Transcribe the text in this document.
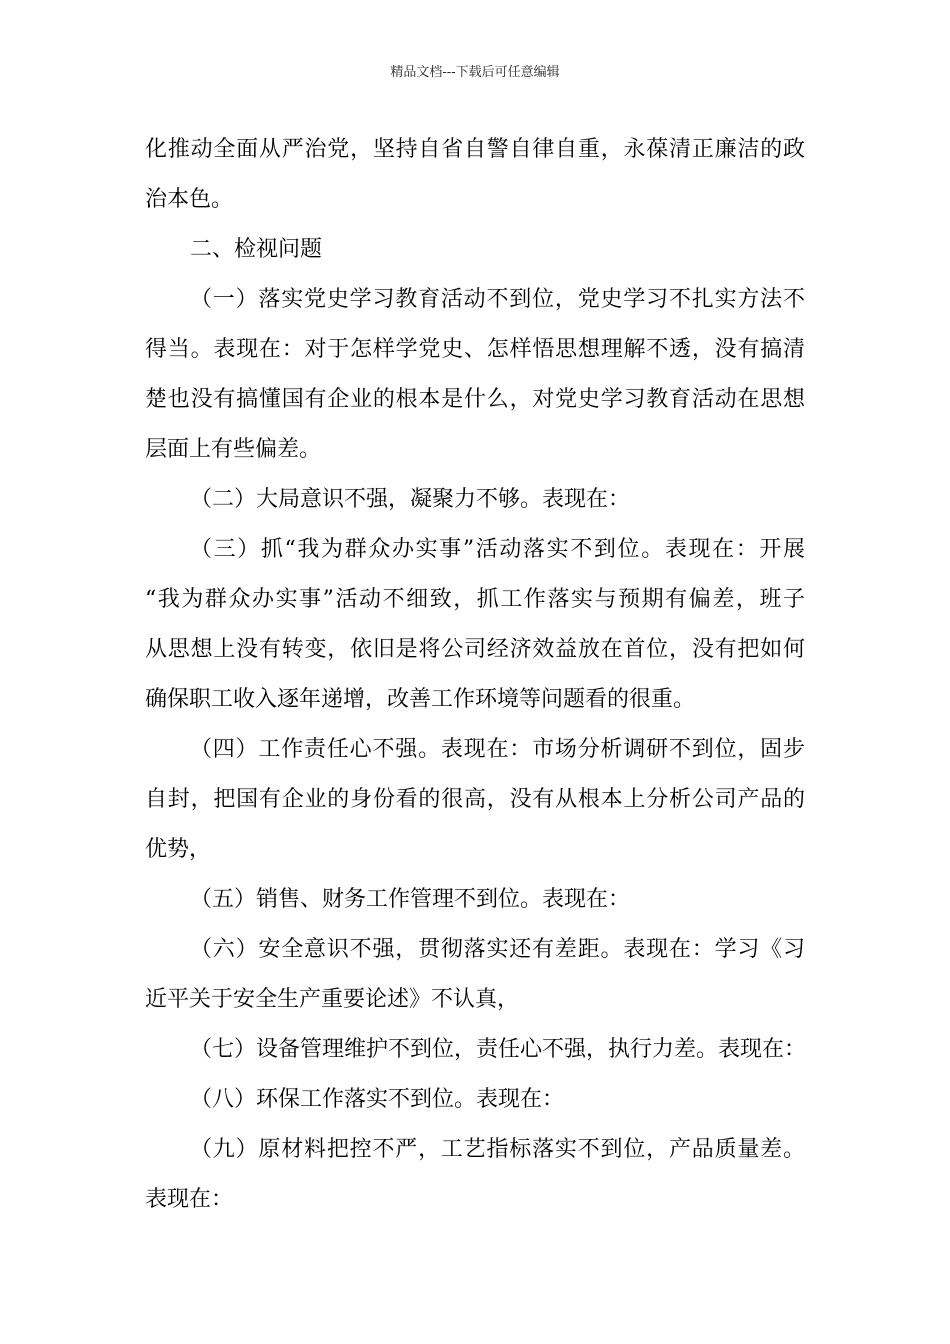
精品文档---下载后可任意编辑
化推动全面从严治党，坚持自省自警自律自重，永葆清正廉洁的政
治本色。
二、检视问题
（一）落实党史学习教育活动不到位，党史学习不扎实方法不
得当。表现在：对于怎样学党史、怎样悟思想理解不透，没有搞清
楚也没有搞懂国有企业的根本是什么，对党史学习教育活动在思想
层面上有些偏差。
（二）大局意识不强，凝聚力不够。表现在：
（三）抓“我为群众办实事”活动落实不到位。表现在：开展
“我为群众办实事”活动不细致，抓工作落实与预期有偏差，班子
从思想上没有转变，依旧是将公司经济效益放在首位，没有把如何
确保职工收入逐年递增，改善工作环境等问题看的很重。
（四）工作责任心不强。表现在：市场分析调研不到位，固步
自封，把国有企业的身份看的很高，没有从根本上分析公司产品的
优势，
（五）销售、财务工作管理不到位。表现在：
（六）安全意识不强，贯彻落实还有差距。表现在：学习《习
近平关于安全生产重要论述》不认真，
（七）设备管理维护不到位，责任心不强，执行力差。表现在：
（八）环保工作落实不到位。表现在：
（九）原材料把控不严，工艺指标落实不到位，产品质量差。
表现在：
